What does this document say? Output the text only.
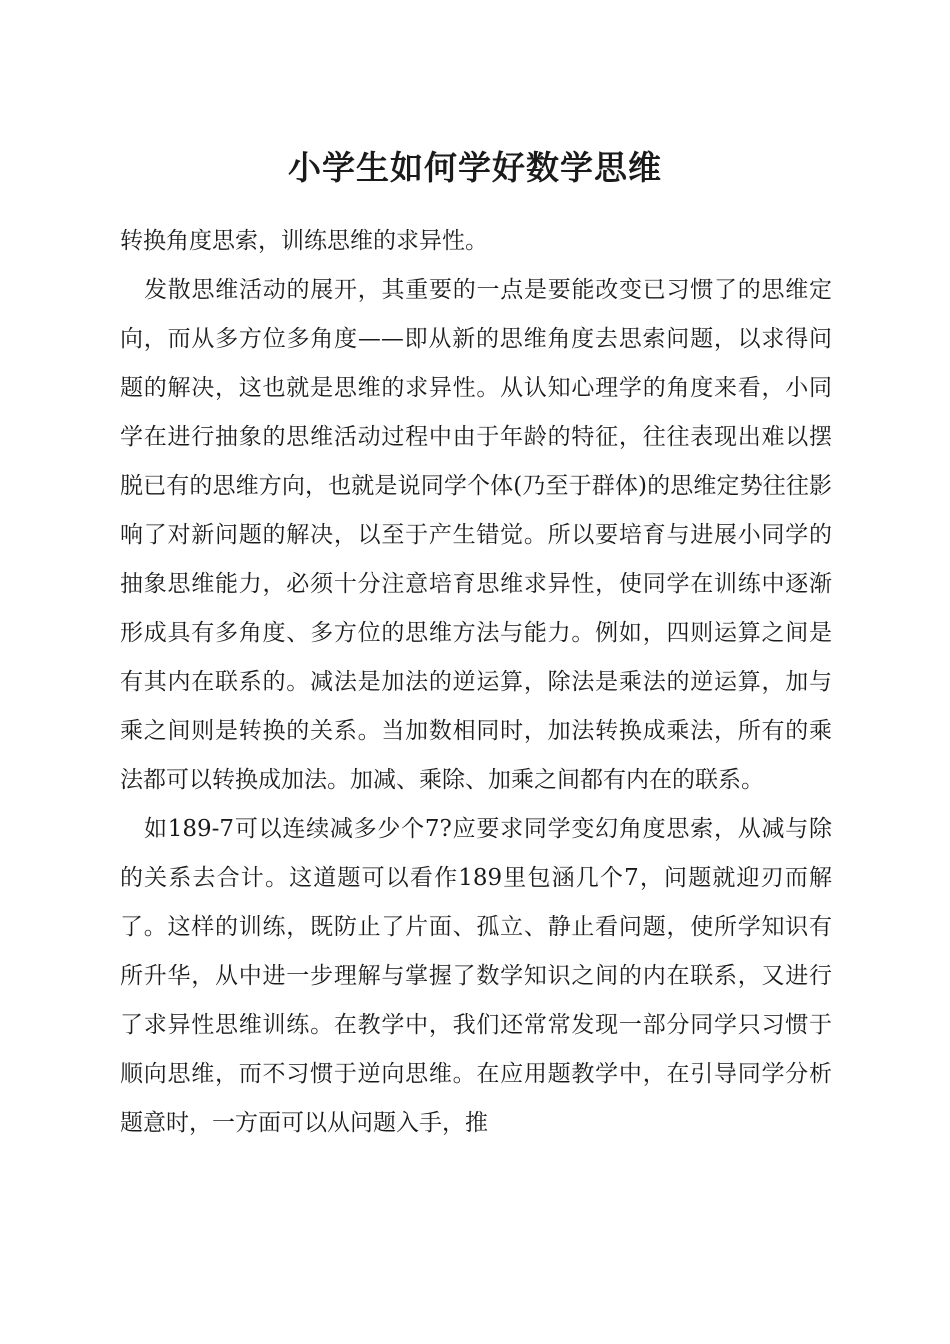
小学生如何学好数学思维

转换角度思索，训练思维的求异性。

发散思维活动的展开，其重要的一点是要能改变已习惯了的思维定向，而从多方位多角度——即从新的思维角度去思索问题，以求得问题的解决，这也就是思维的求异性。从认知心理学的角度来看，小同学在进行抽象的思维活动过程中由于年龄的特征，往往表现出难以摆脱已有的思维方向，也就是说同学个体(乃至于群体)的思维定势往往影响了对新问题的解决，以至于产生错觉。所以要培育与进展小同学的抽象思维能力，必须十分注意培育思维求异性，使同学在训练中逐渐形成具有多角度、多方位的思维方法与能力。例如，四则运算之间是有其内在联系的。减法是加法的逆运算，除法是乘法的逆运算，加与乘之间则是转换的关系。当加数相同时，加法转换成乘法，所有的乘法都可以转换成加法。加减、乘除、加乘之间都有内在的联系。

如189-7可以连续减多少个7?应要求同学变幻角度思索，从减与除的关系去合计。这道题可以看作189里包涵几个7，问题就迎刃而解了。这样的训练，既防止了片面、孤立、静止看问题，使所学知识有所升华，从中进一步理解与掌握了数学知识之间的内在联系，又进行了求异性思维训练。在教学中，我们还常常发现一部分同学只习惯于顺向思维，而不习惯于逆向思维。在应用题教学中，在引导同学分析题意时，一方面可以从问题入手，推
